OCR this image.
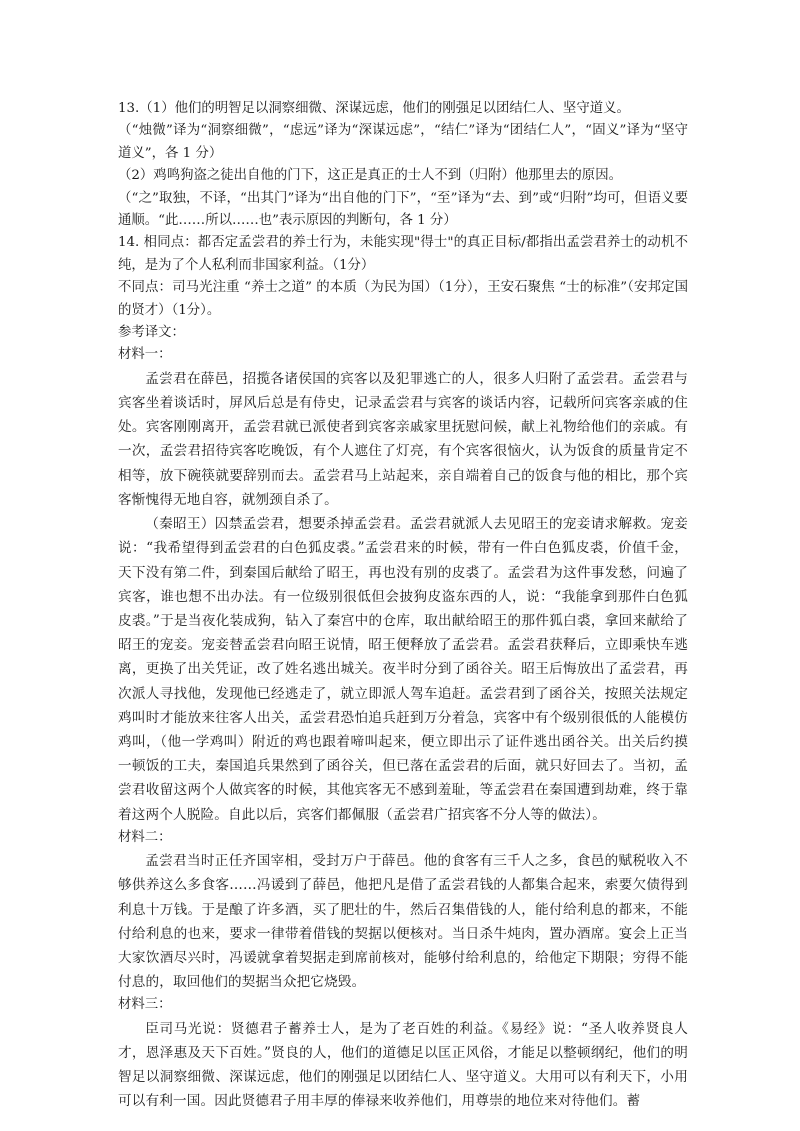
13.（1）他们的明智足以洞察细微、深谋远虑，他们的刚强足以团结仁人、坚守道义。

（“烛微”译为“洞察细微”，“虑远”译为“深谋远虑”，“结仁”译为“团结仁人”，“固义”译为“坚守道义”，各 1 分）

（2）鸡鸣狗盗之徒出自他的门下，这正是真正的士人不到（归附）他那里去的原因。

（“之”取独，不译，“出其门”译为“出自他的门下”，“至”译为“去、到”或“归附”均可，但语义要通顺。“此……所以……也”表示原因的判断句，各 1 分）

14. 相同点：都否定孟尝君的养士行为，未能实现"得士"的真正目标/都指出孟尝君养士的动机不纯，是为了个人私利而非国家利益。（1分）

不同点：司马光注重 “养士之道” 的本质（为民为国）（1分），王安石聚焦 “士的标准”（安邦定国的贤才）（1分）。

参考译文：

材料一：

孟尝君在薛邑，招揽各诸侯国的宾客以及犯罪逃亡的人，很多人归附了孟尝君。孟尝君与宾客坐着谈话时，屏风后总是有侍史，记录孟尝君与宾客的谈话内容，记载所问宾客亲戚的住处。宾客刚刚离开，孟尝君就已派使者到宾客亲戚家里抚慰问候，献上礼物给他们的亲戚。有一次，孟尝君招待宾客吃晚饭，有个人遮住了灯亮，有个宾客很恼火，认为饭食的质量肯定不相等，放下碗筷就要辞别而去。孟尝君马上站起来，亲自端着自己的饭食与他的相比，那个宾客惭愧得无地自容，就刎颈自杀了。

（秦昭王）囚禁孟尝君，想要杀掉孟尝君。孟尝君就派人去见昭王的宠妾请求解救。宠妾说：“我希望得到孟尝君的白色狐皮裘。”孟尝君来的时候，带有一件白色狐皮裘，价值千金，天下没有第二件，到秦国后献给了昭王，再也没有别的皮裘了。孟尝君为这件事发愁，问遍了宾客，谁也想不出办法。有一位级别很低但会披狗皮盗东西的人，说：“我能拿到那件白色狐皮裘。”于是当夜化装成狗，钻入了秦宫中的仓库，取出献给昭王的那件狐白裘，拿回来献给了昭王的宠妾。宠妾替孟尝君向昭王说情，昭王便释放了孟尝君。孟尝君获释后，立即乘快车逃离，更换了出关凭证，改了姓名逃出城关。夜半时分到了函谷关。昭王后悔放出了孟尝君，再次派人寻找他，发现他已经逃走了，就立即派人驾车追赶。孟尝君到了函谷关，按照关法规定鸡叫时才能放来往客人出关，孟尝君恐怕追兵赶到万分着急，宾客中有个级别很低的人能模仿鸡叫，（他一学鸡叫）附近的鸡也跟着啼叫起来，便立即出示了证件逃出函谷关。出关后约摸一顿饭的工夫，秦国追兵果然到了函谷关，但已落在孟尝君的后面，就只好回去了。当初，孟尝君收留这两个人做宾客的时候，其他宾客无不感到羞耻，等孟尝君在秦国遭到劫难，终于靠着这两个人脱险。自此以后，宾客们都佩服（孟尝君广招宾客不分人等的做法）。

材料二：

孟尝君当时正任齐国宰相，受封万户于薛邑。他的食客有三千人之多，食邑的赋税收入不够供养这么多食客……冯谖到了薛邑，他把凡是借了孟尝君钱的人都集合起来，索要欠债得到利息十万钱。于是酿了许多酒，买了肥壮的牛，然后召集借钱的人，能付给利息的都来，不能付给利息的也来，要求一律带着借钱的契据以便核对。当日杀牛炖肉，置办酒席。宴会上正当大家饮酒尽兴时，冯谖就拿着契据走到席前核对，能够付给利息的，给他定下期限；穷得不能付息的，取回他们的契据当众把它烧毁。

材料三：

臣司马光说：贤德君子蓄养士人，是为了老百姓的利益。《易经》说：“圣人收养贤良人才，恩泽惠及天下百姓。”贤良的人，他们的道德足以匡正风俗，才能足以整顿纲纪，他们的明智足以洞察细微、深谋远虑，他们的刚强足以团结仁人、坚守道义。大用可以有利天下，小用可以有利一国。因此贤德君子用丰厚的俸禄来收养他们，用尊崇的地位来对待他们。蓄
